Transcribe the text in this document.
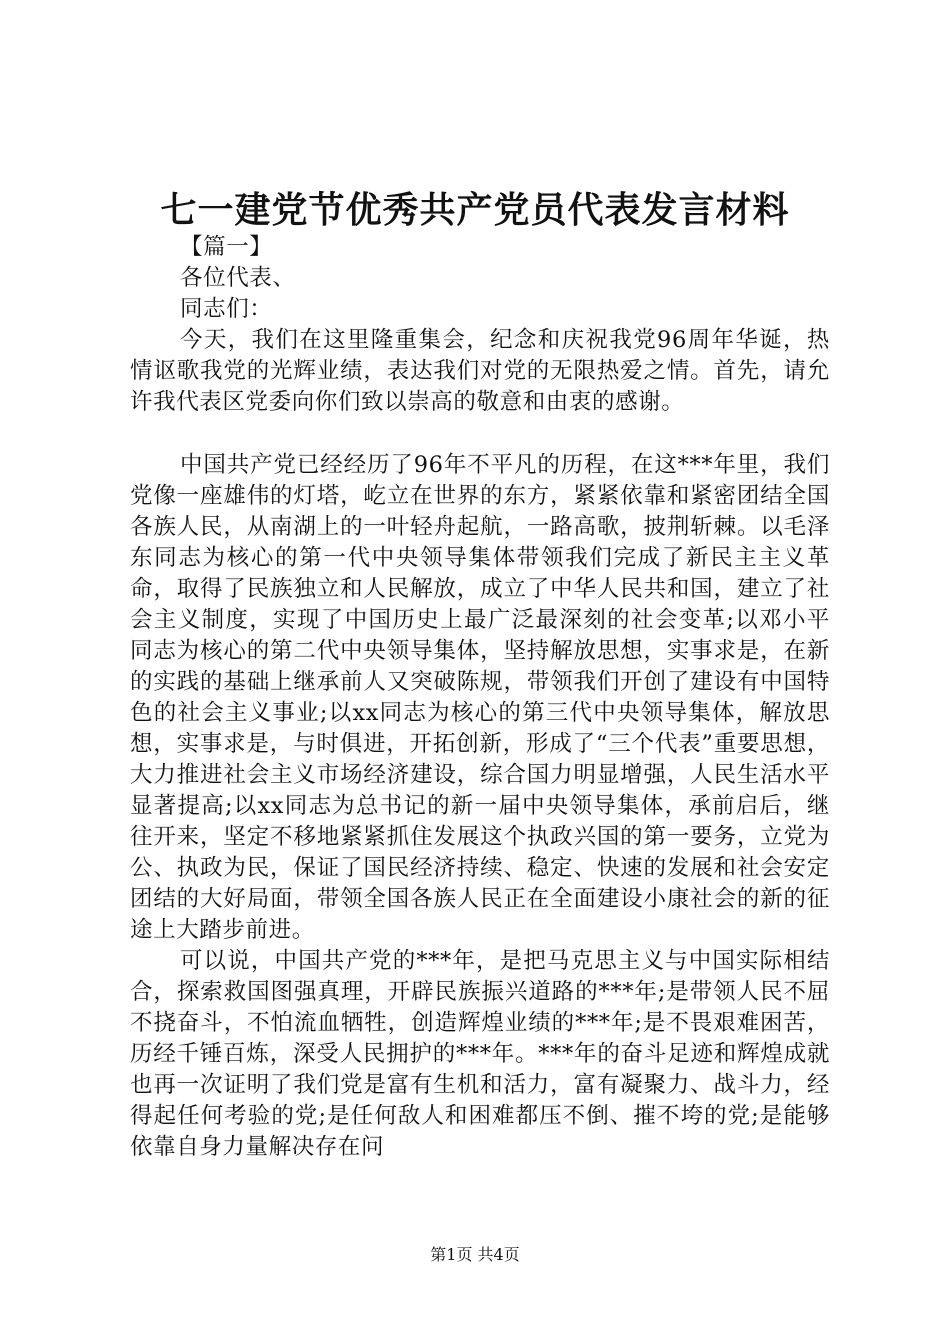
七一建党节优秀共产党员代表发言材料

【篇一】

各位代表、

同志们：

今天，我们在这里隆重集会，纪念和庆祝我党96周年华诞，热情讴歌我党的光辉业绩，表达我们对党的无限热爱之情。首先，请允许我代表区党委向你们致以崇高的敬意和由衷的感谢。

中国共产党已经经历了96年不平凡的历程，在这***年里，我们党像一座雄伟的灯塔，屹立在世界的东方，紧紧依靠和紧密团结全国各族人民，从南湖上的一叶轻舟起航，一路高歌，披荆斩棘。以毛泽东同志为核心的第一代中央领导集体带领我们完成了新民主主义革命，取得了民族独立和人民解放，成立了中华人民共和国，建立了社会主义制度，实现了中国历史上最广泛最深刻的社会变革;以邓小平同志为核心的第二代中央领导集体，坚持解放思想，实事求是，在新的实践的基础上继承前人又突破陈规，带领我们开创了建设有中国特色的社会主义事业;以xx同志为核心的第三代中央领导集体，解放思想，实事求是，与时俱进，开拓创新，形成了“三个代表”重要思想，大力推进社会主义市场经济建设，综合国力明显增强，人民生活水平显著提高;以xx同志为总书记的新一届中央领导集体，承前启后，继往开来，坚定不移地紧紧抓住发展这个执政兴国的第一要务，立党为公、执政为民，保证了国民经济持续、稳定、快速的发展和社会安定团结的大好局面，带领全国各族人民正在全面建设小康社会的新的征途上大踏步前进。

可以说，中国共产党的***年，是把马克思主义与中国实际相结合，探索救国图强真理，开辟民族振兴道路的***年;是带领人民不屈不挠奋斗，不怕流血牺牲，创造辉煌业绩的***年;是不畏艰难困苦，历经千锤百炼，深受人民拥护的***年。***年的奋斗足迹和辉煌成就也再一次证明了我们党是富有生机和活力，富有凝聚力、战斗力，经得起任何考验的党;是任何敌人和困难都压不倒、摧不垮的党;是能够依靠自身力量解决存在问

第1页 共4页
